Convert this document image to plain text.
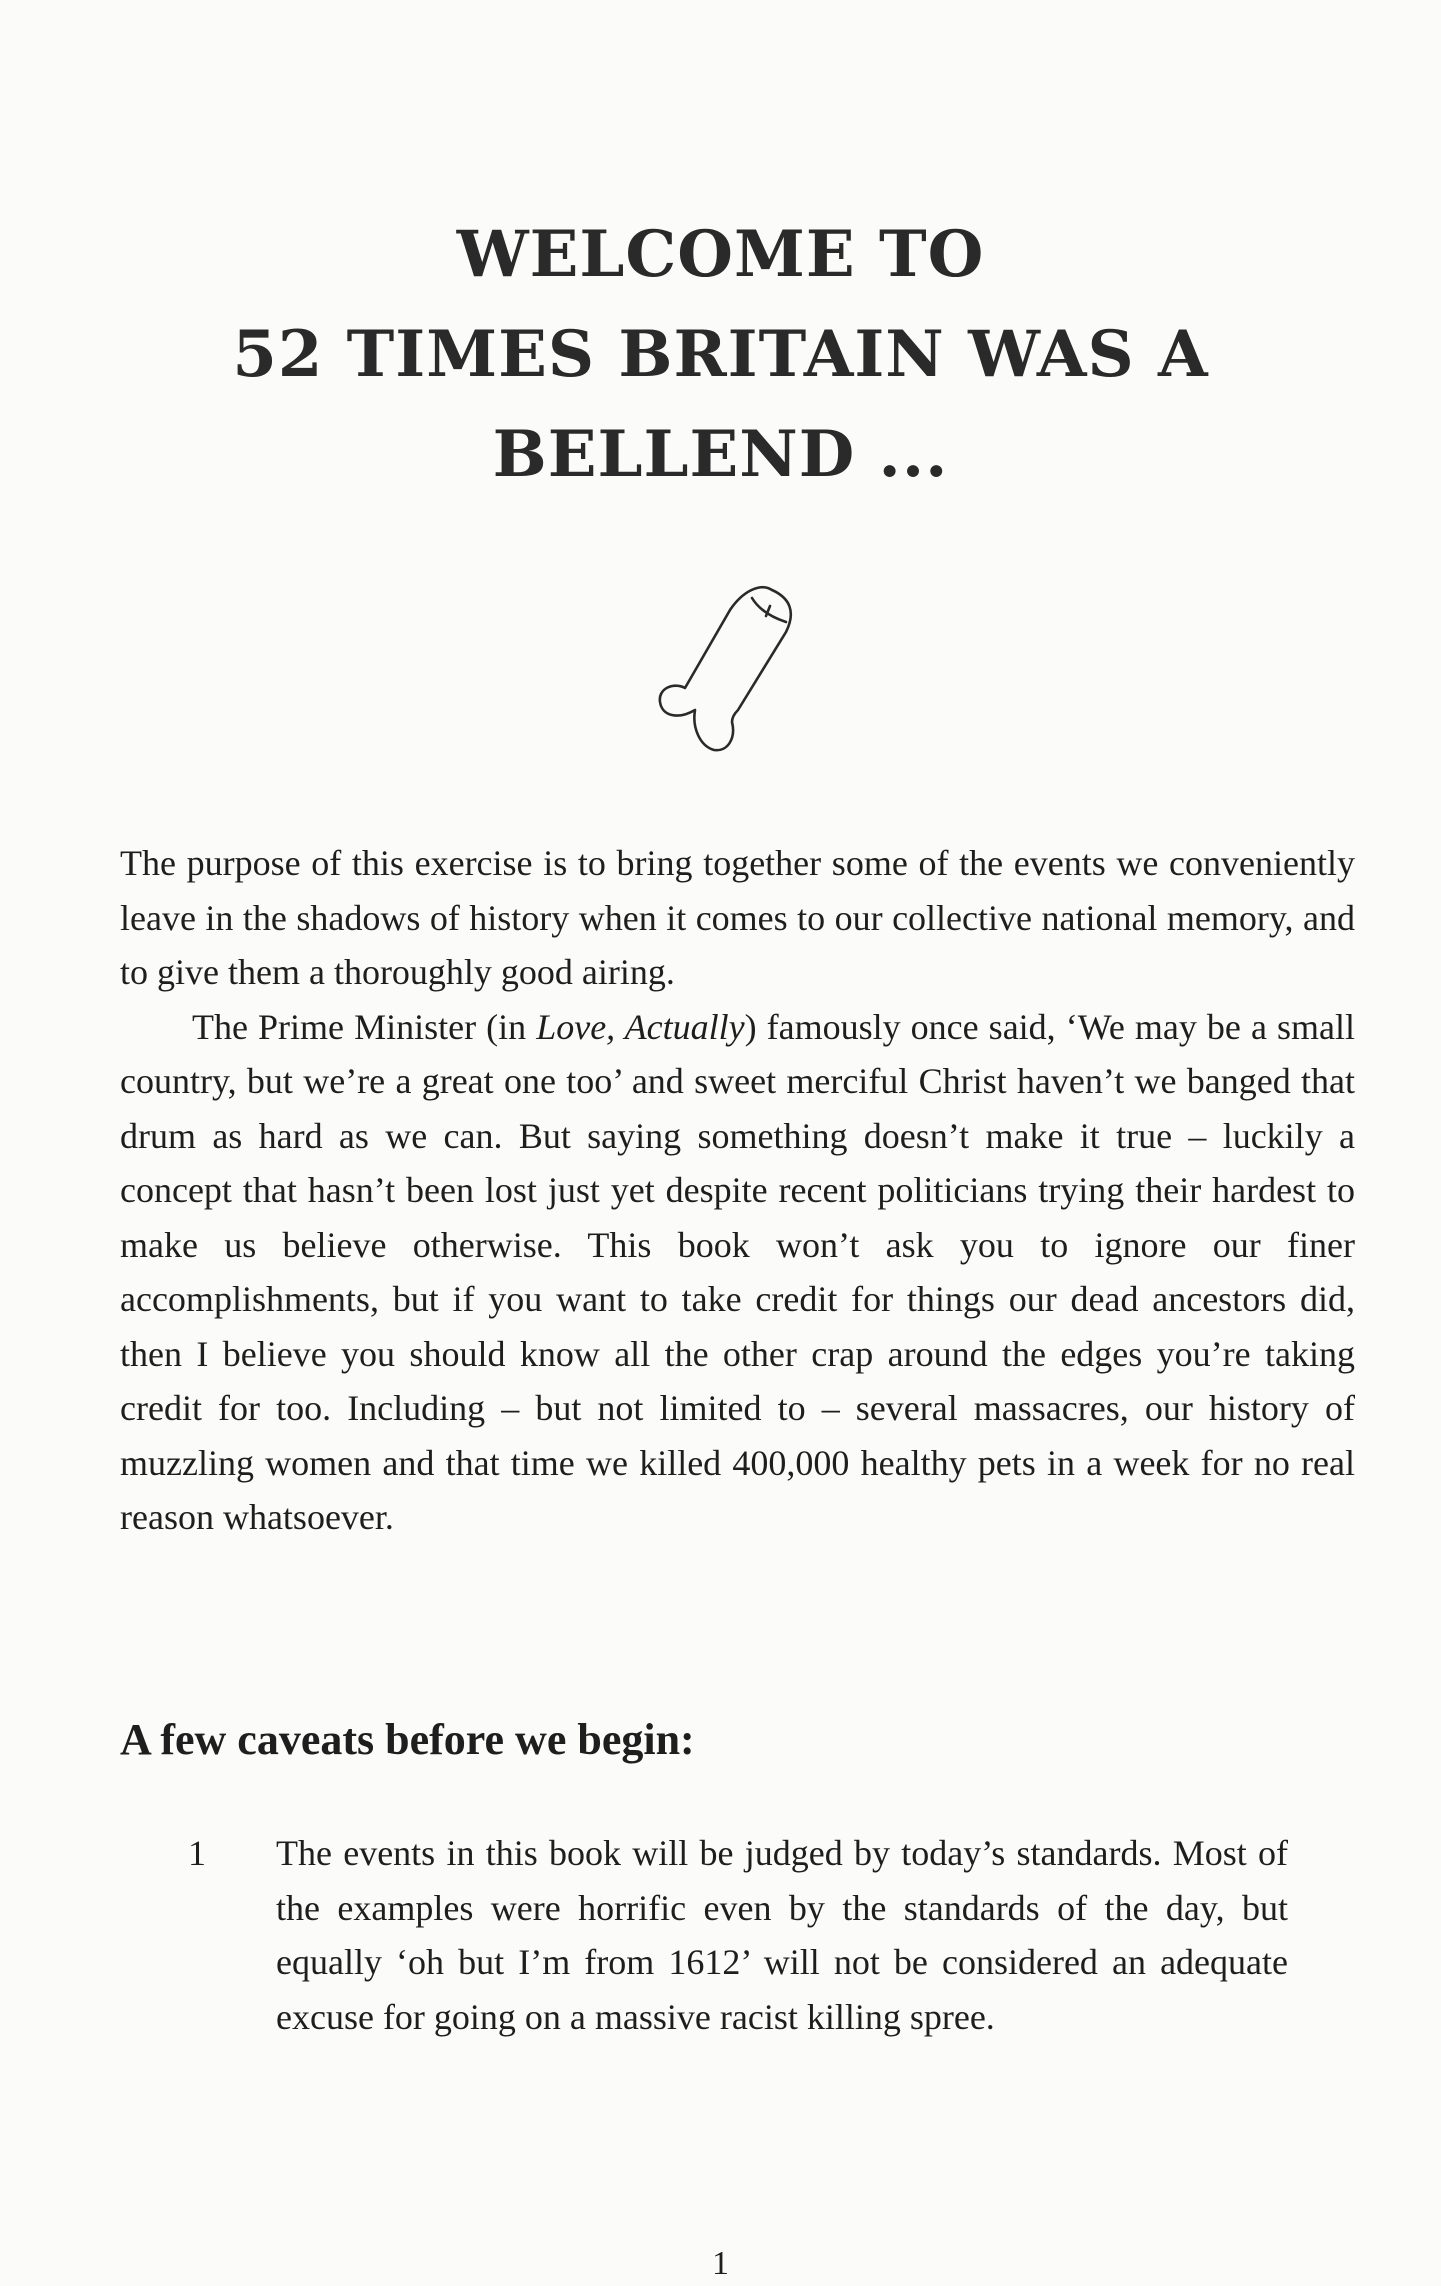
WELCOME TO
52 TIMES BRITAIN WAS A
BELLEND ...

The purpose of this exercise is to bring together some of the events we conveniently leave in the shadows of history when it comes to our collective national memory, and to give them a thoroughly good airing.

The Prime Minister (in Love, Actually) famously once said, ‘We may be a small country, but we’re a great one too’ and sweet merciful Christ haven’t we banged that drum as hard as we can. But saying something doesn’t make it true – luckily a concept that hasn’t been lost just yet despite recent politicians trying their hardest to make us believe otherwise. This book won’t ask you to ignore our finer accomplishments, but if you want to take credit for things our dead ancestors did, then I believe you should know all the other crap around the edges you’re taking credit for too. Including – but not limited to – several massacres, our history of muzzling women and that time we killed 400,000 healthy pets in a week for no real reason whatsoever.

A few caveats before we begin:
1	The events in this book will be judged by today’s standards. Most of the examples were horrific even by the standards of the day, but equally ‘oh but I’m from 1612’ will not be considered an adequate excuse for going on a massive racist killing spree.
1
